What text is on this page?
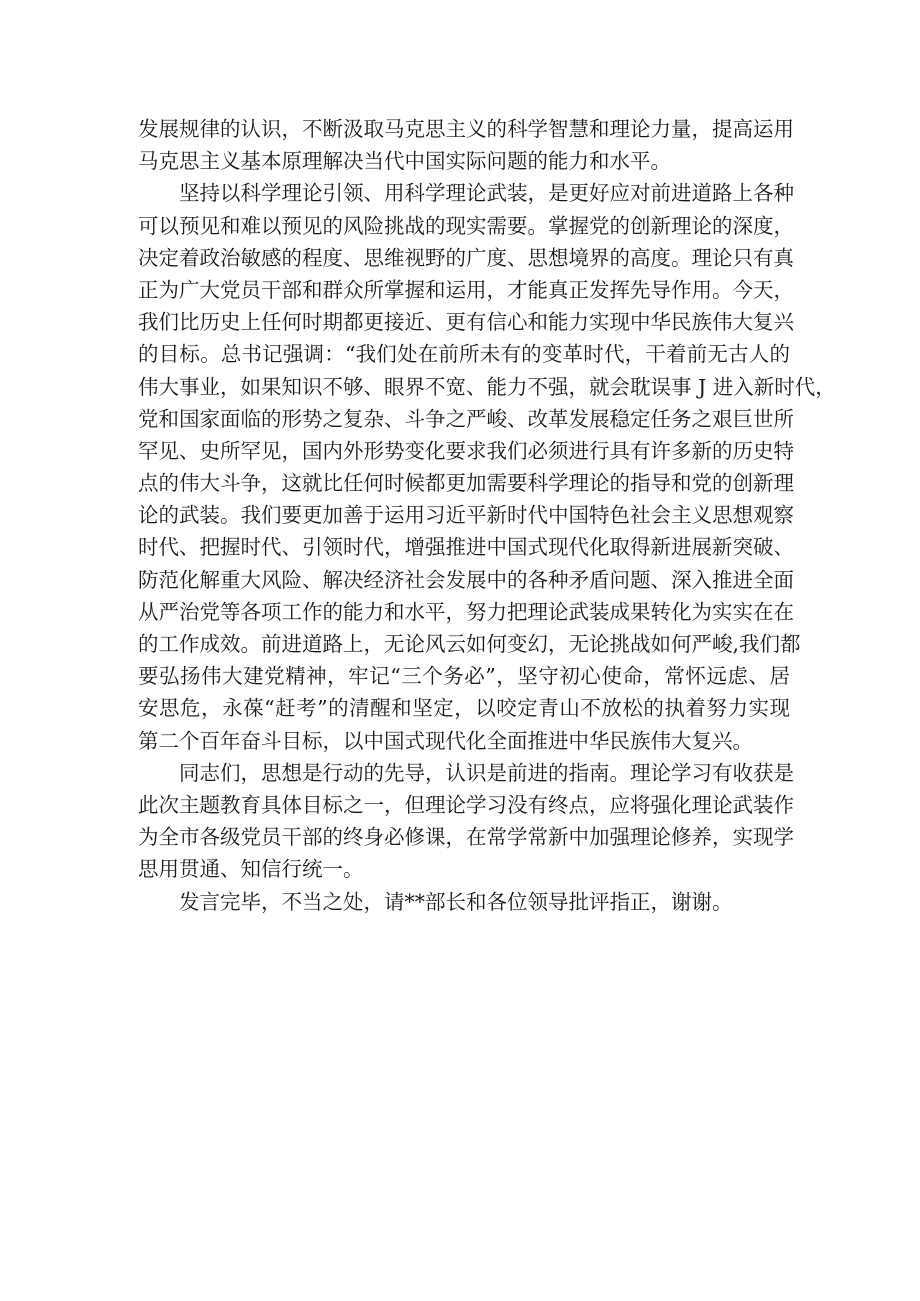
发展规律的认识，不断汲取马克思主义的科学智慧和理论力量，提高运用
马克思主义基本原理解决当代中国实际问题的能力和水平。
坚持以科学理论引领、用科学理论武装，是更好应对前进道路上各种
可以预见和难以预见的风险挑战的现实需要。掌握党的创新理论的深度，
决定着政治敏感的程度、思维视野的广度、思想境界的高度。理论只有真
正为广大党员干部和群众所掌握和运用，才能真正发挥先导作用。今天，
我们比历史上任何时期都更接近、更有信心和能力实现中华民族伟大复兴
的目标。总书记强调：“我们处在前所未有的变革时代，干着前无古人的
伟大事业，如果知识不够、眼界不宽、能力不强，就会耽误事 J 进入新时代，
党和国家面临的形势之复杂、斗争之严峻、改革发展稳定任务之艰巨世所
罕见、史所罕见，国内外形势变化要求我们必须进行具有许多新的历史特
点的伟大斗争，这就比任何时候都更加需要科学理论的指导和党的创新理
论的武装。我们要更加善于运用习近平新时代中国特色社会主义思想观察
时代、把握时代、引领时代，增强推进中国式现代化取得新进展新突破、
防范化解重大风险、解决经济社会发展中的各种矛盾问题、深入推进全面
从严治党等各项工作的能力和水平，努力把理论武装成果转化为实实在在
的工作成效。前进道路上，无论风云如何变幻，无论挑战如何严峻,我们都
要弘扬伟大建党精神，牢记“三个务必”，坚守初心使命，常怀远虑、居
安思危，永葆“赶考”的清醒和坚定，以咬定青山不放松的执着努力实现
第二个百年奋斗目标，以中国式现代化全面推进中华民族伟大复兴。
同志们，思想是行动的先导，认识是前进的指南。理论学习有收获是
此次主题教育具体目标之一，但理论学习没有终点，应将强化理论武装作
为全市各级党员干部的终身必修课，在常学常新中加强理论修养，实现学
思用贯通、知信行统一。
发言完毕，不当之处，请**部长和各位领导批评指正，谢谢。
